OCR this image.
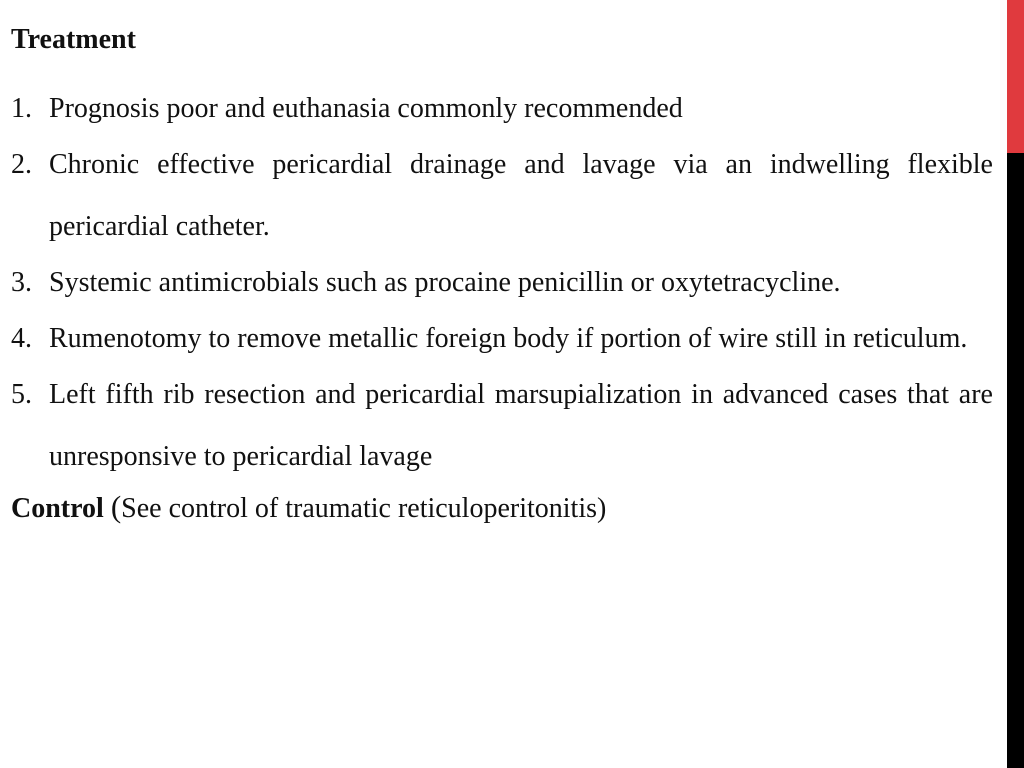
Treatment
1. Prognosis poor and euthanasia commonly recommended
2. Chronic effective pericardial drainage and lavage via an indwelling flexible pericardial catheter.
3. Systemic antimicrobials such as procaine penicillin or oxytetracycline.
4. Rumenotomy to remove metallic foreign body if portion of wire still in reticulum.
5. Left fifth rib resection and pericardial marsupialization in advanced cases that are unresponsive to pericardial lavage
Control (See control of traumatic reticuloperitonitis)
